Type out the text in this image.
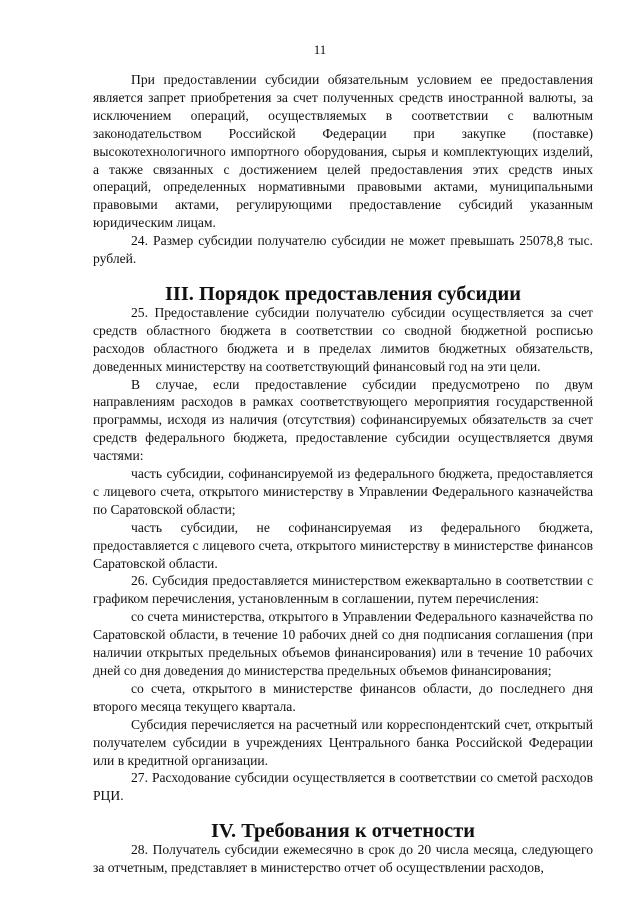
11

При предоставлении субсидии обязательным условием ее предоставления является запрет приобретения за счет полученных средств иностранной валюты, за исключением операций, осуществляемых в соответствии с валютным законодательством Российской Федерации при закупке (поставке) высокотехнологичного импортного оборудования, сырья и комплектующих изделий, а также связанных с достижением целей предоставления этих средств иных операций, определенных нормативными правовыми актами, муниципальными правовыми актами, регулирующими предоставление субсидий указанным юридическим лицам.

24. Размер субсидии получателю субсидии не может превышать 25078,8 тыс. рублей.

III. Порядок предоставления субсидии

25. Предоставление субсидии получателю субсидии осуществляется за счет средств областного бюджета в соответствии со сводной бюджетной росписью расходов областного бюджета и в пределах лимитов бюджетных обязательств, доведенных министерству на соответствующий финансовый год на эти цели.

В случае, если предоставление субсидии предусмотрено по двум направлениям расходов в рамках соответствующего мероприятия государственной программы, исходя из наличия (отсутствия) софинансируемых обязательств за счет средств федерального бюджета, предоставление субсидии осуществляется двумя частями:

часть субсидии, софинансируемой из федерального бюджета, предоставляется с лицевого счета, открытого министерству в Управлении Федерального казначейства по Саратовской области;

часть субсидии, не софинансируемая из федерального бюджета, предоставляется с лицевого счета, открытого министерству в министерстве финансов Саратовской области.

26. Субсидия предоставляется министерством ежеквартально в соответствии с графиком перечисления, установленным в соглашении, путем перечисления:

со счета министерства, открытого в Управлении Федерального казначейства по Саратовской области, в течение 10 рабочих дней со дня подписания соглашения (при наличии открытых предельных объемов финансирования) или в течение 10 рабочих дней со дня доведения до министерства предельных объемов финансирования;

со счета, открытого в министерстве финансов области, до последнего дня второго месяца текущего квартала.

Субсидия перечисляется на расчетный или корреспондентский счет, открытый получателем субсидии в учреждениях Центрального банка Российской Федерации или в кредитной организации.

27. Расходование субсидии осуществляется в соответствии со сметой расходов РЦИ.

IV. Требования к отчетности

28. Получатель субсидии ежемесячно в срок до 20 числа месяца, следующего за отчетным, представляет в министерство отчет об осуществлении расходов,
